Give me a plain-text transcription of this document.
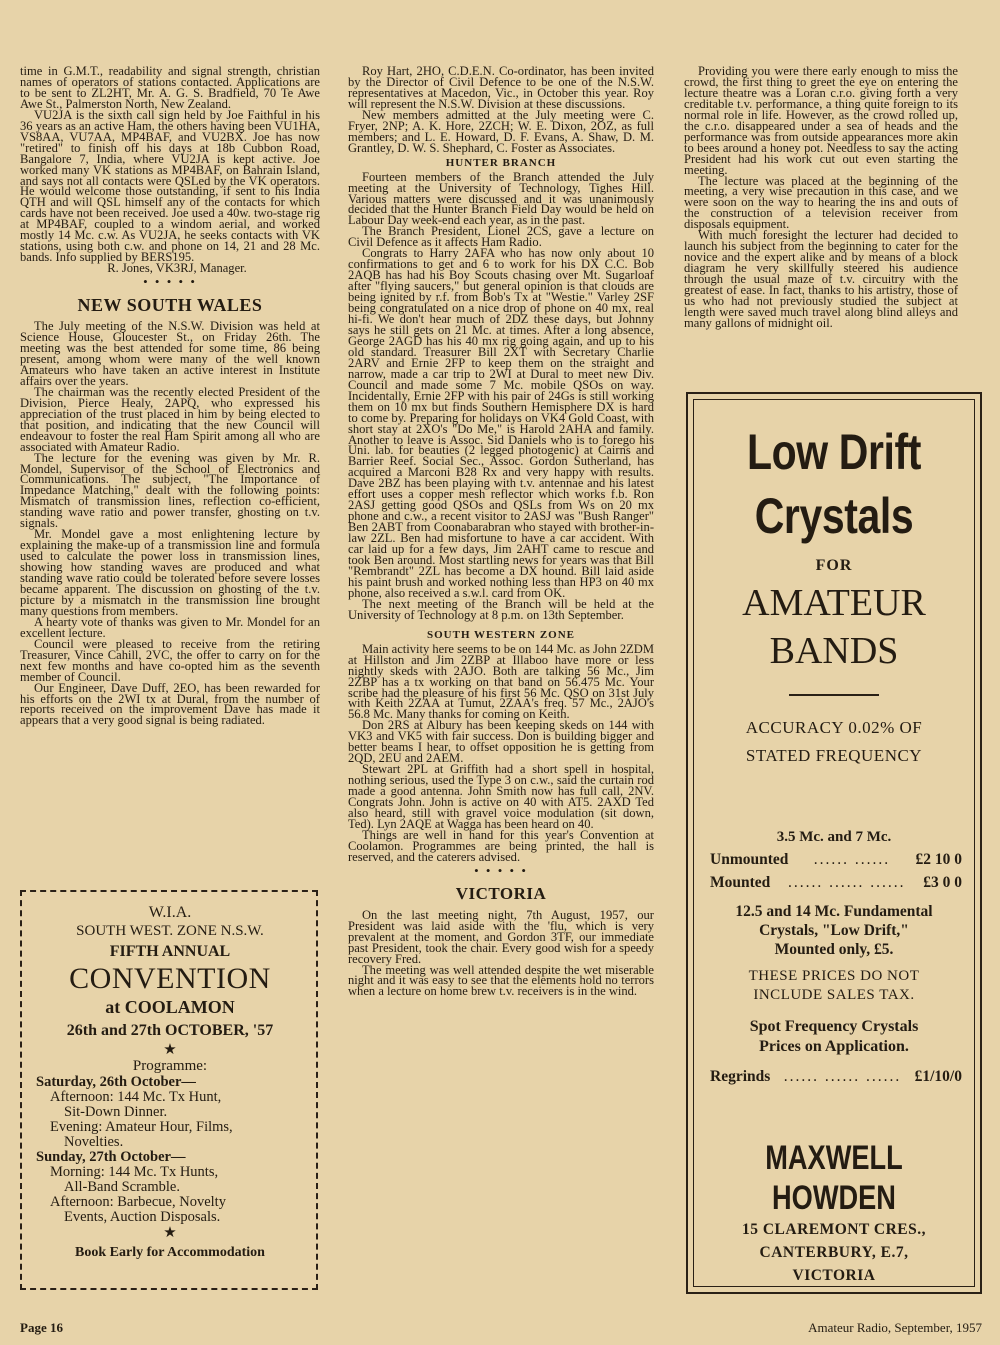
time in G.M.T., readability and signal strength, christian names of operators of stations contacted. Applications are to be sent to ZL2HT, Mr. A. G. S. Bradfield, 70 Te Awe Awe St., Palmerston North, New Zealand.

VU2JA is the sixth call sign held by Joe Faithful in his 36 years as an active Ham, the others having been VU1HA, VS8AA, VU7AA, MP4BAF, and VU2BX. Joe has now "retired" to finish off his days at 18b Cubbon Road, Bangalore 7, India, where VU2JA is kept active. Joe worked many VK stations as MP4BAF, on Bahrain Island, and says not all contacts were QSLed by the VK operators. He would welcome those outstanding, if sent to his India QTH and will QSL himself any of the contacts for which cards have not been received. Joe used a 40w. two-stage rig at MP4BAF, coupled to a windom aerial, and worked mostly 14 Mc. c.w. As VU2JA, he seeks contacts with VK stations, using both c.w. and phone on 14, 21 and 28 Mc. bands. Info supplied by BERS195.

R. Jones, VK3RJ, Manager.

• • • • •
NEW SOUTH WALES

The July meeting of the N.S.W. Division was held at Science House, Gloucester St., on Friday 26th. The meeting was the best attended for some time, 86 being present, among whom were many of the well known Amateurs who have taken an active interest in Institute affairs over the years.

The chairman was the recently elected President of the Division, Pierce Healy, 2APQ, who expressed his appreciation of the trust placed in him by being elected to that position, and indicating that the new Council will endeavour to foster the real Ham Spirit among all who are associated with Amateur Radio.

The lecture for the evening was given by Mr. R. Mondel, Supervisor of the School of Electronics and Communications. The subject, "The Importance of Impedance Matching," dealt with the following points: Mismatch of transmission lines, reflection co-efficient, standing wave ratio and power transfer, ghosting on t.v. signals.

Mr. Mondel gave a most enlightening lecture by explaining the make-up of a transmission line and formula used to calculate the power loss in transmission lines, showing how standing waves are produced and what standing wave ratio could be tolerated before severe losses became apparent. The discussion on ghosting of the t.v. picture by a mismatch in the transmission line brought many questions from members.

A hearty vote of thanks was given to Mr. Mondel for an excellent lecture.

Council were pleased to receive from the retiring Treasurer, Vince Cahill, 2VC, the offer to carry on for the next few months and have co-opted him as the seventh member of Council.

Our Engineer, Dave Duff, 2EO, has been rewarded for his efforts on the 2WI tx at Dural, from the number of reports received on the improvement Dave has made it appears that a very good signal is being radiated.

W.I.A.
SOUTH WEST. ZONE N.S.W.
FIFTH ANNUAL
CONVENTION
at COOLAMON
26th and 27th OCTOBER, '57
★
Programme:
Saturday, 26th October—
Afternoon: 144 Mc. Tx Hunt,
Sit-Down Dinner.
Evening: Amateur Hour, Films,
Novelties.
Sunday, 27th October—
Morning: 144 Mc. Tx Hunts,
All-Band Scramble.
Afternoon: Barbecue, Novelty
Events, Auction Disposals.
★
Book Early for Accommodation

Roy Hart, 2HO, C.D.E.N. Co-ordinator, has been invited by the Director of Civil Defence to be one of the N.S.W. representatives at Macedon, Vic., in October this year. Roy will represent the N.S.W. Division at these discussions.

New members admitted at the July meeting were C. Fryer, 2NP; A. K. Hore, 2ZCH; W. E. Dixon, 2OZ, as full members; and L. E. Howard, D. F. Evans, A. Shaw, D. M. Grantley, D. W. S. Shephard, C. Foster as Associates.

HUNTER BRANCH

Fourteen members of the Branch attended the July meeting at the University of Technology, Tighes Hill. Various matters were discussed and it was unanimously decided that the Hunter Branch Field Day would be held on Labour Day week-end each year, as in the past.

The Branch President, Lionel 2CS, gave a lecture on Civil Defence as it affects Ham Radio.

Congrats to Harry 2AFA who has now only about 10 confirmations to get and 6 to work for his DX C.C. Bob 2AQB has had his Boy Scouts chasing over Mt. Sugarloaf after "flying saucers," but general opinion is that clouds are being ignited by r.f. from Bob's Tx at "Westie." Varley 2SF being congratulated on a nice drop of phone on 40 mx, real hi-fi. We don't hear much of 2DZ these days, but Johnny says he still gets on 21 Mc. at times. After a long absence, George 2AGD has his 40 mx rig going again, and up to his old standard. Treasurer Bill 2XT with Secretary Charlie 2ARV and Ernie 2FP to keep them on the straight and narrow, made a car trip to 2WI at Dural to meet new Div. Council and made some 7 Mc. mobile QSOs on way. Incidentally, Ernie 2FP with his pair of 24Gs is still working them on 10 mx but finds Southern Hemisphere DX is hard to come by. Preparing for holidays on VK4 Gold Coast, with short stay at 2XO's "Do Me," is Harold 2AHA and family. Another to leave is Assoc. Sid Daniels who is to forego his Uni. lab. for beauties (2 legged photogenic) at Cairns and Barrier Reef. Social Sec., Assoc. Gordon Sutherland, has acquired a Marconi B28 Rx and very happy with results. Dave 2BZ has been playing with t.v. antennae and his latest effort uses a copper mesh reflector which works f.b. Ron 2ASJ getting good QSOs and QSLs from Ws on 20 mx phone and c.w., a recent visitor to 2ASJ was "Bush Ranger" Ben 2ABT from Coonabarabran who stayed with brother-in-law 2ZL. Ben had misfortune to have a car accident. With car laid up for a few days, Jim 2AHT came to rescue and took Ben around. Most startling news for years was that Bill "Rembrandt" 2ZL has become a DX hound. Bill laid aside his paint brush and worked nothing less than HP3 on 40 mx phone, also received a s.w.l. card from OK.

The next meeting of the Branch will be held at the University of Technology at 8 p.m. on 13th September.

SOUTH WESTERN ZONE

Main activity here seems to be on 144 Mc. as John 2ZDM at Hillston and Jim 2ZBP at Illaboo have more or less nightly skeds with 2AJO. Both are talking 56 Mc., Jim 2ZBP has a tx working on that band on 56.475 Mc. Your scribe had the pleasure of his first 56 Mc. QSO on 31st July with Keith 2ZAA at Tumut, 2ZAA's freq. 57 Mc., 2AJO's 56.8 Mc. Many thanks for coming on Keith.

Don 2RS at Albury has been keeping skeds on 144 with VK3 and VK5 with fair success. Don is building bigger and better beams I hear, to offset opposition he is getting from 2QD, 2EU and 2AEM.

Stewart 2PL at Griffith had a short spell in hospital, nothing serious, used the Type 3 on c.w., said the curtain rod made a good antenna. John Smith now has full call, 2NV. Congrats John. John is active on 40 with AT5. 2AXD Ted also heard, still with gravel voice modulation (sit down, Ted). Lyn 2AQE at Wagga has been heard on 40.

Things are well in hand for this year's Convention at Coolamon. Programmes are being printed, the hall is reserved, and the caterers advised.

• • • • •
VICTORIA

On the last meeting night, 7th August, 1957, our President was laid aside with the 'flu, which is very prevalent at the moment, and Gordon 3TF, our immediate past President, took the chair. Every good wish for a speedy recovery Fred.

The meeting was well attended despite the wet miserable night and it was easy to see that the elements hold no terrors when a lecture on home brew t.v. receivers is in the wind.

Providing you were there early enough to miss the crowd, the first thing to greet the eye on entering the lecture theatre was a Loran c.r.o. giving forth a very creditable t.v. performance, a thing quite foreign to its normal role in life. However, as the crowd rolled up, the c.r.o. disappeared under a sea of heads and the performance was from outside appearances more akin to bees around a honey pot. Needless to say the acting President had his work cut out even starting the meeting.

The lecture was placed at the beginning of the meeting, a very wise precaution in this case, and we were soon on the way to hearing the ins and outs of the construction of a television receiver from disposals equipment.

With much foresight the lecturer had decided to launch his subject from the beginning to cater for the novice and the expert alike and by means of a block diagram he very skillfully steered his audience through the usual maze of t.v. circuitry with the greatest of ease. In fact, thanks to his artistry, those of us who had not previously studied the subject at length were saved much travel along blind alleys and many gallons of midnight oil.

Low Drift
Crystals
FOR
AMATEUR
BANDS
ACCURACY 0.02% OF
STATED FREQUENCY
3.5 Mc. and 7 Mc.
Unmounted	...... ......	£2 10 0
Mounted	...... ...... ......	£3 0 0
12.5 and 14 Mc. Fundamental
Crystals, "Low Drift,"
Mounted only, £5.
THESE PRICES DO NOT
INCLUDE SALES TAX.
Spot Frequency Crystals
Prices on Application.
Regrinds ...... ...... ...... £1/10/0
MAXWELL HOWDEN
15 CLAREMONT CRES.,
CANTERBURY, E.7,
VICTORIA
Page 16	Amateur Radio, September, 1957
